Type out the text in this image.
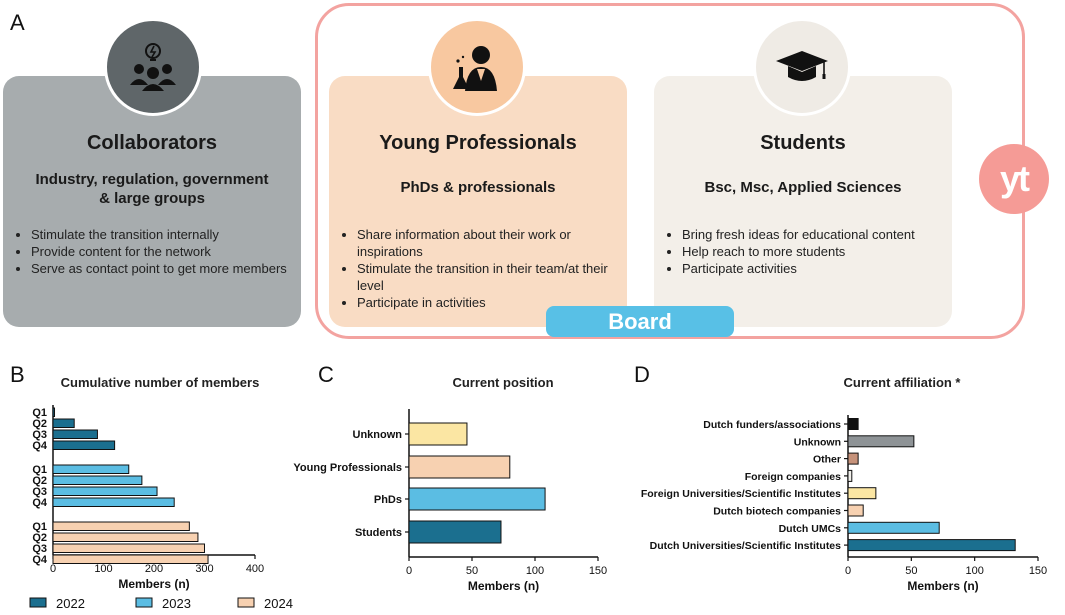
A
Collaborators
Industry, regulation, government
& large groups
• Stimulate the transition internally
• Provide content for the network
• Serve as contact point to get more members
Young Professionals
PhDs & professionals
• Share information about their work or inspirations
• Stimulate the transition in their team/at their level
• Participate in activities
Students
Bsc, Msc, Applied Sciences
• Bring fresh ideas for educational content
• Help reach to more students
• Participate activities
Board
yt
B	C	D
Cumulative number of members
0	100	200	300	400
Members (n)
Q1
Q2
Q3
Q4
Q1
Q2
Q3
Q4
Q1
Q2
Q3
Q4
2022	2023	2024
Current position
0	50	100	150
Members (n)
Unknown
Young Professionals
PhDs
Students
Current affiliation *
0	50	100	150
Members (n)
Dutch funders/associations
Unknown
Other
Foreign companies
Foreign Universities/Scientific Institutes
Dutch biotech companies
Dutch UMCs
Dutch Universities/Scientific Institutes
